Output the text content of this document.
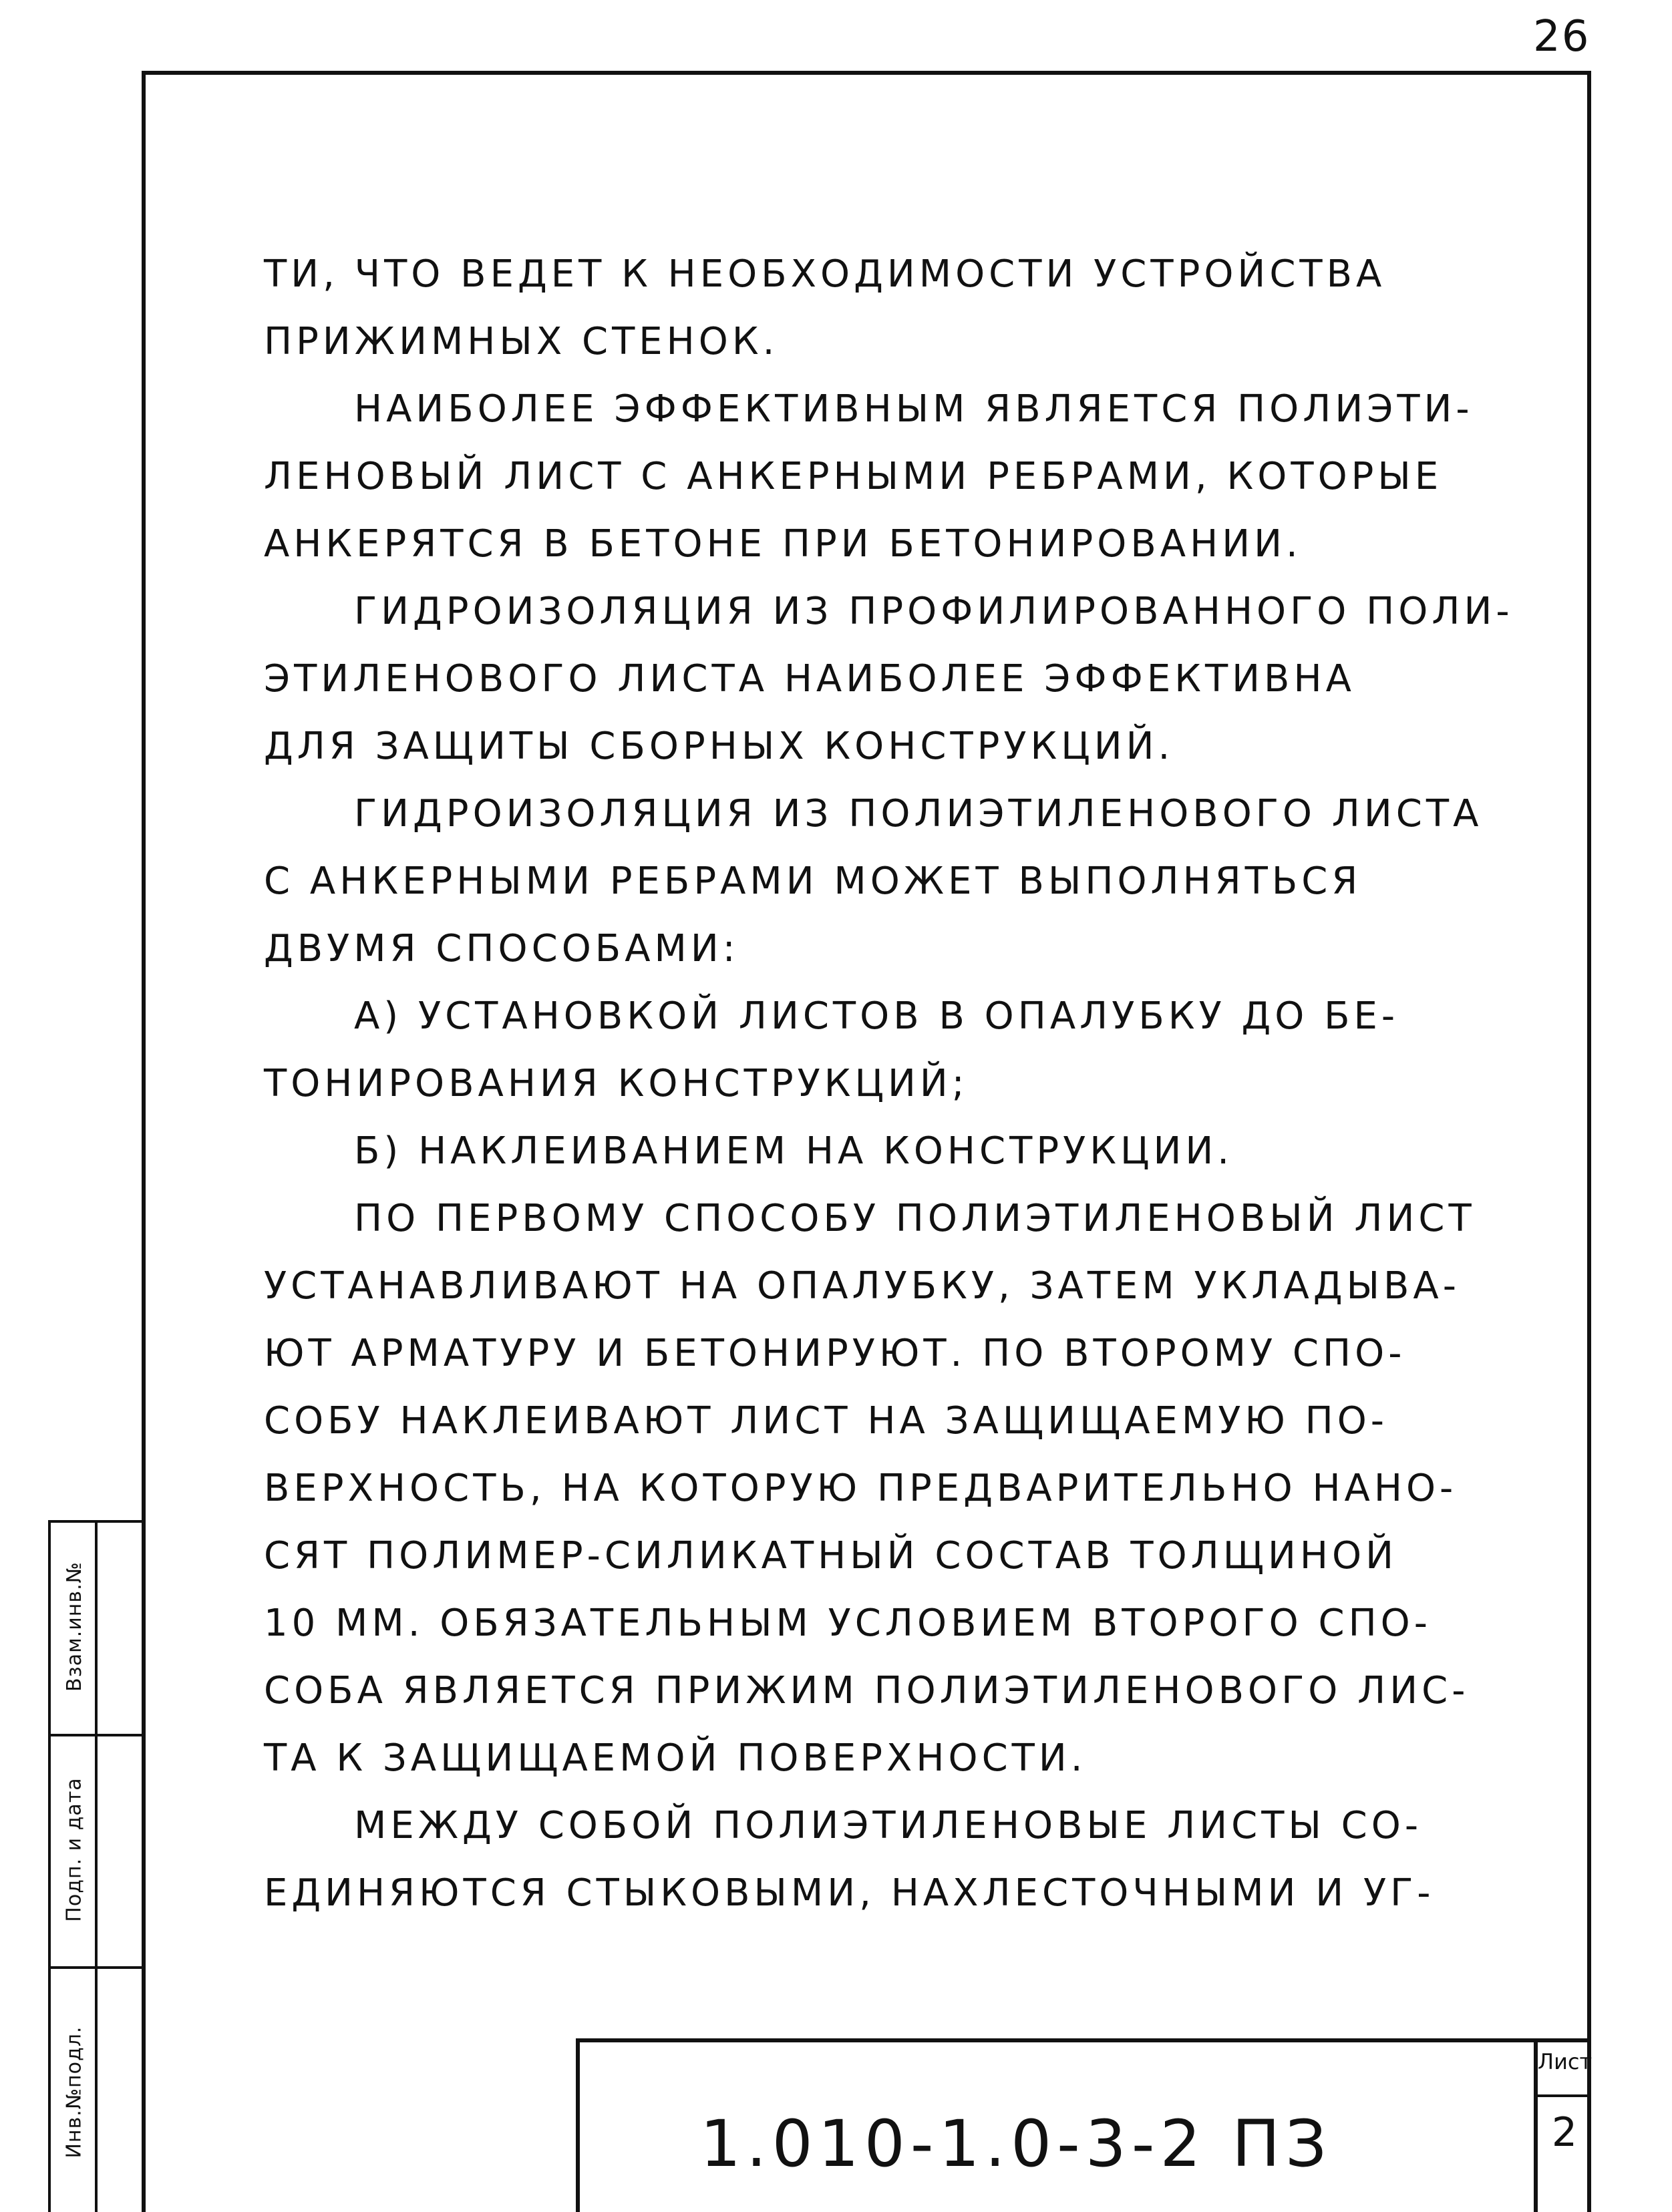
26
ТИ, ЧТО ВЕДЕТ К НЕОБХОДИМОСТИ УСТРОЙСТВА
ПРИЖИМНЫХ СТЕНОК.
НАИБОЛЕЕ ЭФФЕКТИВНЫМ ЯВЛЯЕТСЯ ПОЛИЭТИ-
ЛЕНОВЫЙ ЛИСТ С АНКЕРНЫМИ РЕБРАМИ, КОТОРЫЕ
АНКЕРЯТСЯ В БЕТОНЕ ПРИ БЕТОНИРОВАНИИ.
ГИДРОИЗОЛЯЦИЯ ИЗ ПРОФИЛИРОВАННОГО ПОЛИ-
ЭТИЛЕНОВОГО ЛИСТА НАИБОЛЕЕ ЭФФЕКТИВНА
ДЛЯ ЗАЩИТЫ СБОРНЫХ КОНСТРУКЦИЙ.
ГИДРОИЗОЛЯЦИЯ ИЗ ПОЛИЭТИЛЕНОВОГО ЛИСТА
С АНКЕРНЫМИ РЕБРАМИ МОЖЕТ ВЫПОЛНЯТЬСЯ
ДВУМЯ СПОСОБАМИ:
А) УСТАНОВКОЙ ЛИСТОВ В ОПАЛУБКУ ДО БЕ-
ТОНИРОВАНИЯ КОНСТРУКЦИЙ;
Б) НАКЛЕИВАНИЕМ НА КОНСТРУКЦИИ.
ПО ПЕРВОМУ СПОСОБУ ПОЛИЭТИЛЕНОВЫЙ ЛИСТ
УСТАНАВЛИВАЮТ НА ОПАЛУБКУ, ЗАТЕМ УКЛАДЫВА-
ЮТ АРМАТУРУ И БЕТОНИРУЮТ. ПО ВТОРОМУ СПО-
СОБУ НАКЛЕИВАЮТ ЛИСТ НА ЗАЩИЩАЕМУЮ ПО-
ВЕРХНОСТЬ, НА КОТОРУЮ ПРЕДВАРИТЕЛЬНО НАНО-
СЯТ ПОЛИМЕР-СИЛИКАТНЫЙ СОСТАВ ТОЛЩИНОЙ
10 ММ. ОБЯЗАТЕЛЬНЫМ УСЛОВИЕМ ВТОРОГО СПО-
СОБА ЯВЛЯЕТСЯ ПРИЖИМ ПОЛИЭТИЛЕНОВОГО ЛИС-
ТА К ЗАЩИЩАЕМОЙ ПОВЕРХНОСТИ.
МЕЖДУ СОБОЙ ПОЛИЭТИЛЕНОВЫЕ ЛИСТЫ СО-
ЕДИНЯЮТСЯ СТЫКОВЫМИ, НАХЛЕСТОЧНЫМИ И УГ-
Взам.инв.№
Подп. и дата
Инв.№подл.	1.010-1.0-3-2 ПЗ
Лист
2
